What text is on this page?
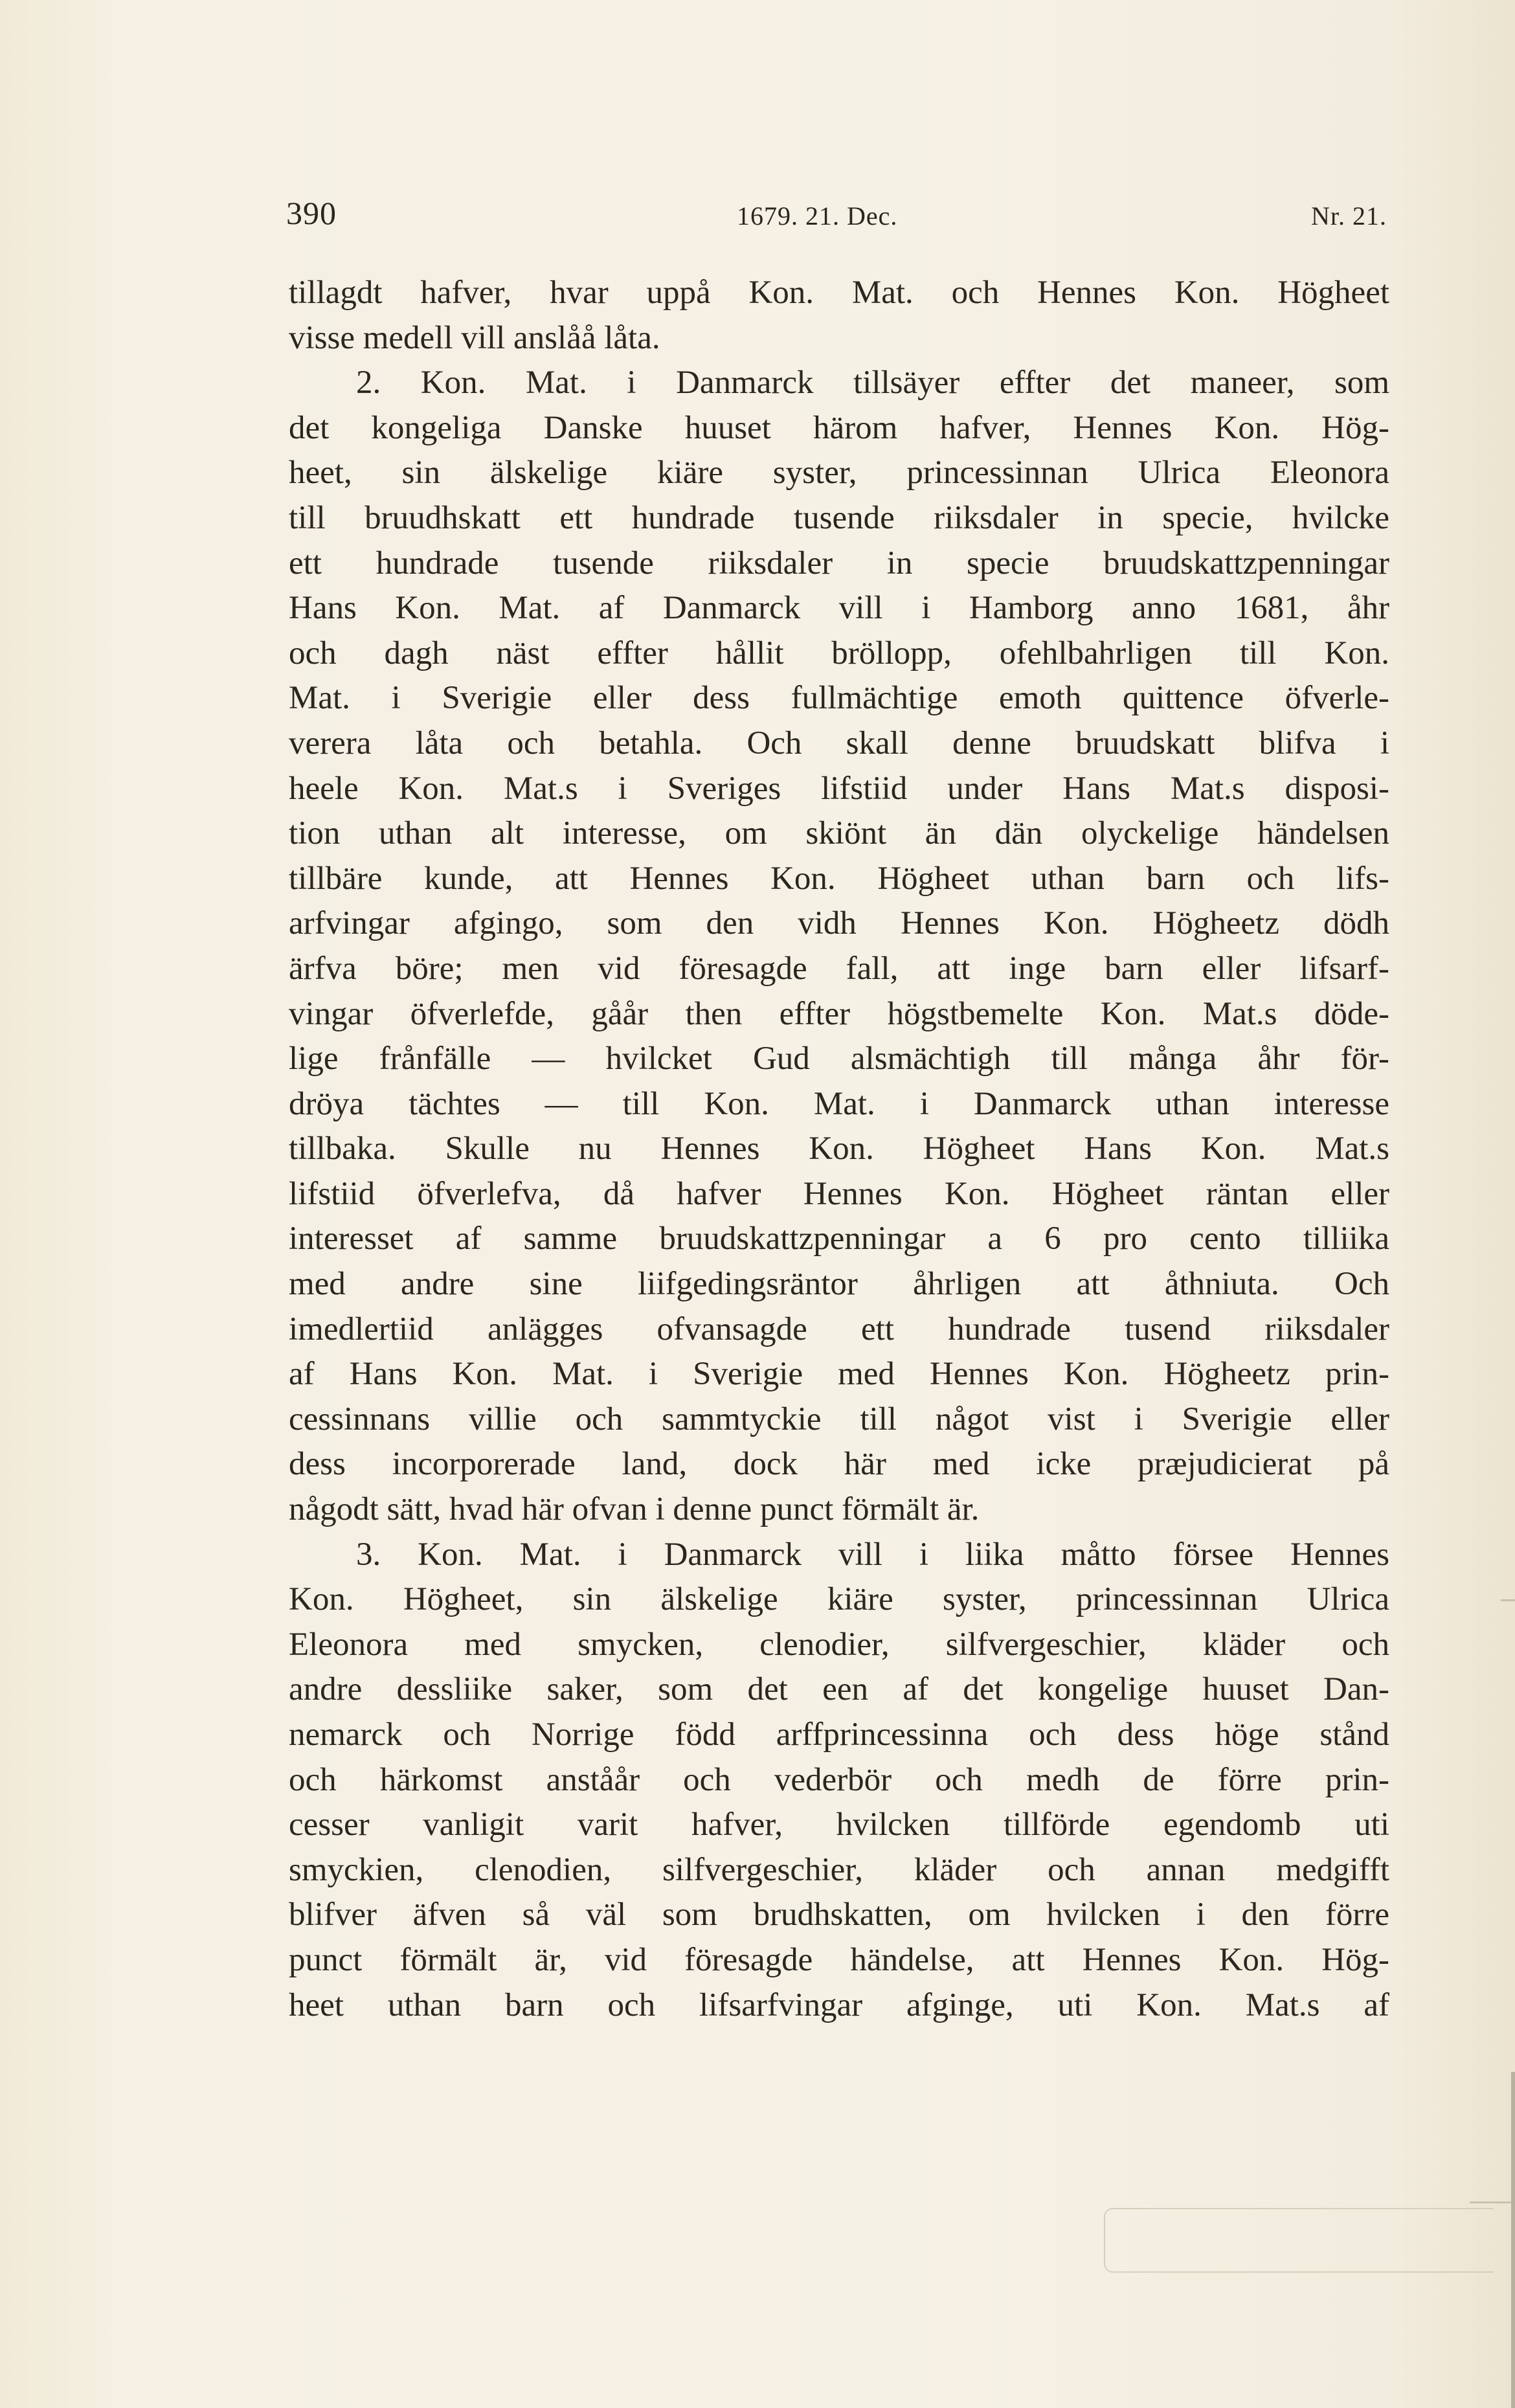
390	1679. 21. Dec.	Nr. 21.
tillagdt hafver, hvar uppå Kon. Mat. och Hennes Kon. Högheet
visse medell vill anslåå låta.
2. Kon. Mat. i Danmarck tillsäyer effter det maneer, som
det kongeliga Danske huuset härom hafver, Hennes Kon. Hög-
heet, sin älskelige kiäre syster, princessinnan Ulrica Eleonora
till bruudhskatt ett hundrade tusende riiksdaler in specie, hvilcke
ett hundrade tusende riiksdaler in specie bruudskattzpenningar
Hans Kon. Mat. af Danmarck vill i Hamborg anno 1681, åhr
och dagh näst effter hållit bröllopp, ofehlbahrligen till Kon.
Mat. i Sverigie eller dess fullmächtige emoth quittence öfverle-
verera låta och betahla. Och skall denne bruudskatt blifva i
heele Kon. Mat.s i Sveriges lifstiid under Hans Mat.s disposi-
tion uthan alt interesse, om skiönt än dän olyckelige händelsen
tillbäre kunde, att Hennes Kon. Högheet uthan barn och lifs-
arfvingar afgingo, som den vidh Hennes Kon. Högheetz dödh
ärfva böre; men vid föresagde fall, att inge barn eller lifsarf-
vingar öfverlefde, gåår then effter högstbemelte Kon. Mat.s döde-
lige frånfälle — hvilcket Gud alsmächtigh till många åhr för-
dröya tächtes — till Kon. Mat. i Danmarck uthan interesse
tillbaka. Skulle nu Hennes Kon. Högheet Hans Kon. Mat.s
lifstiid öfverlefva, då hafver Hennes Kon. Högheet räntan eller
interesset af samme bruudskattzpenningar a 6 pro cento tilliika
med andre sine liifgedingsräntor åhrligen att åthniuta. Och
imedlertiid anlägges ofvansagde ett hundrade tusend riiksdaler
af Hans Kon. Mat. i Sverigie med Hennes Kon. Högheetz prin-
cessinnans villie och sammtyckie till något vist i Sverigie eller
dess incorporerade land, dock här med icke præjudicierat på
någodt sätt, hvad här ofvan i denne punct förmält är.
3. Kon. Mat. i Danmarck vill i liika måtto försee Hennes
Kon. Högheet, sin älskelige kiäre syster, princessinnan Ulrica
Eleonora med smycken, clenodier, silfvergeschier, kläder och
andre dessliike saker, som det een af det kongelige huuset Dan-
nemarck och Norrige född arffprincessinna och dess höge stånd
och härkomst anståår och vederbör och medh de förre prin-
cesser vanligit varit hafver, hvilcken tillförde egendomb uti
smyckien, clenodien, silfvergeschier, kläder och annan medgifft
blifver äfven så väl som brudhskatten, om hvilcken i den förre
punct förmält är, vid föresagde händelse, att Hennes Kon. Hög-
heet uthan barn och lifsarfvingar afginge, uti Kon. Mat.s af
